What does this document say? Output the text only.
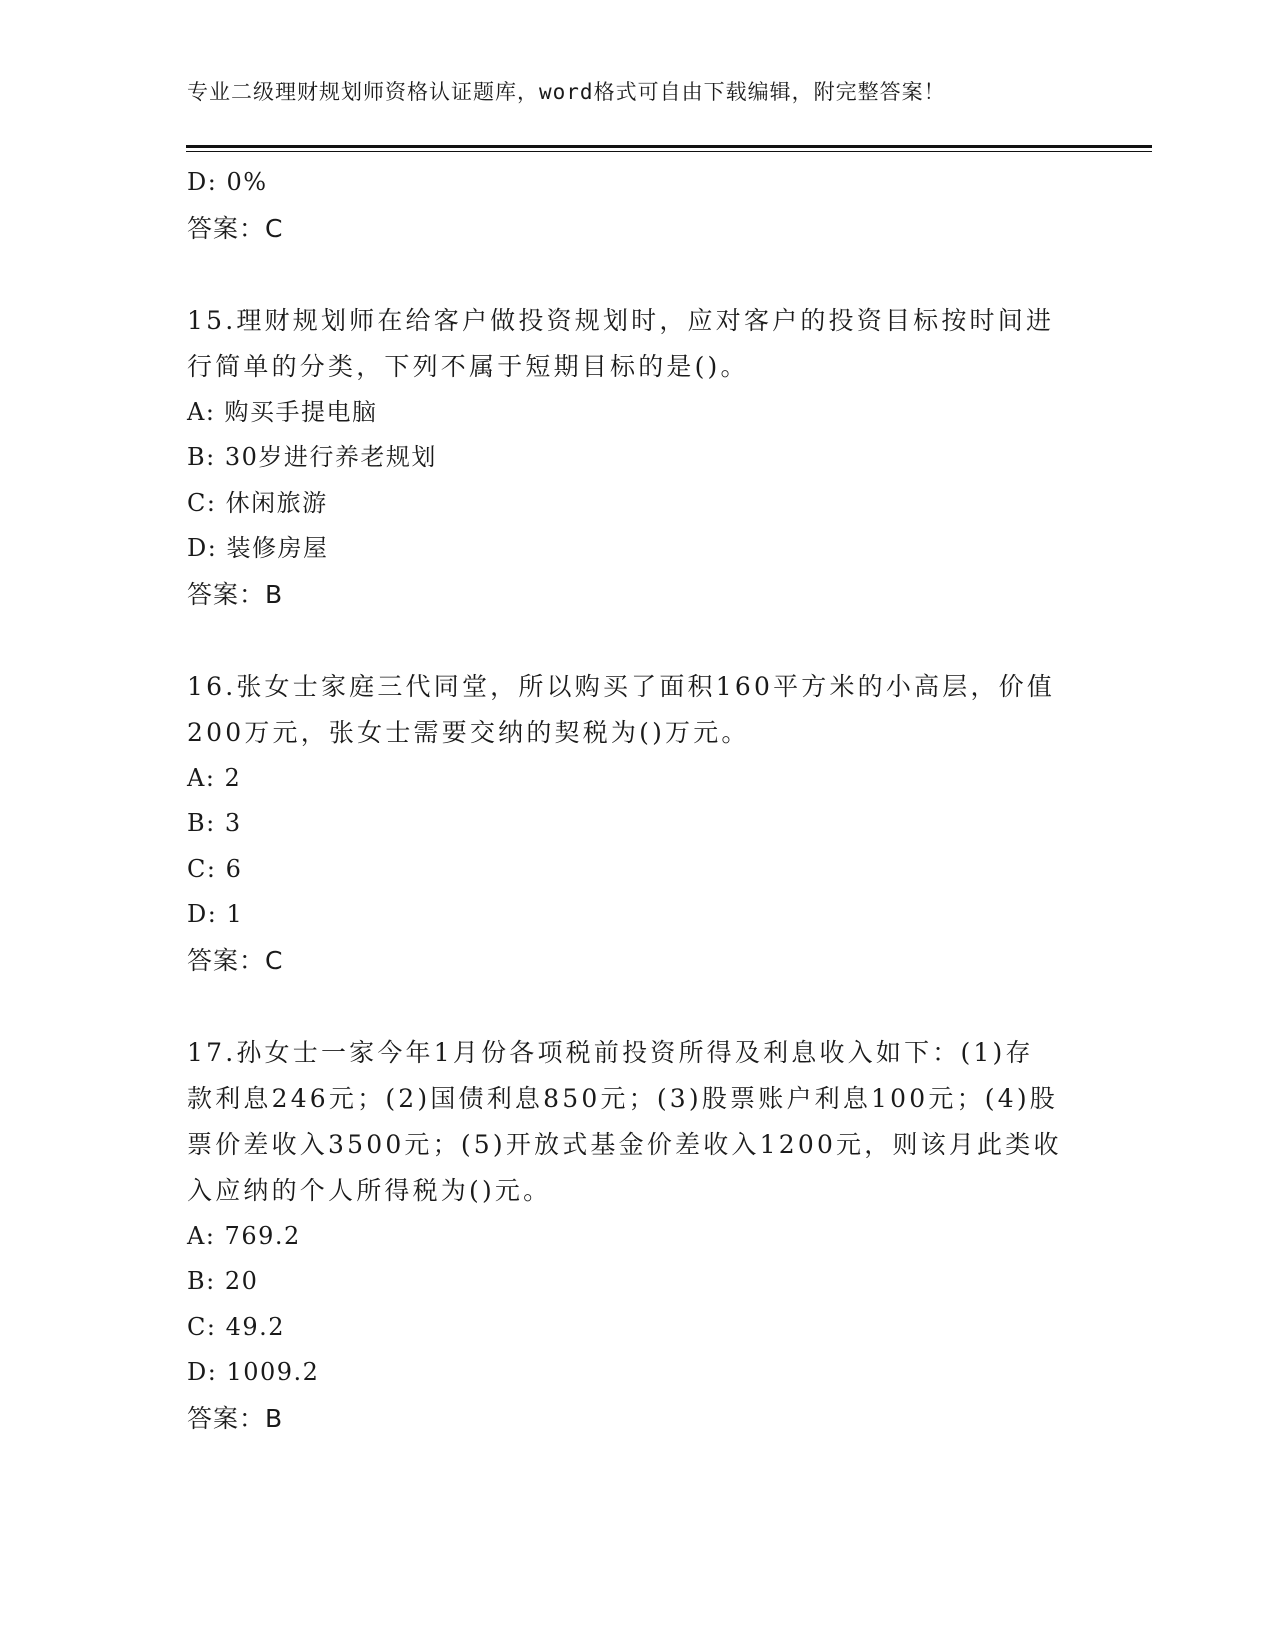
专业二级理财规划师资格认证题库，word格式可自由下载编辑，附完整答案！
D: 0%
答案：C
15.理财规划师在给客户做投资规划时，应对客户的投资目标按时间进
行简单的分类，下列不属于短期目标的是()。
A: 购买手提电脑
B: 30岁进行养老规划
C: 休闲旅游
D: 装修房屋
答案：B
16.张女士家庭三代同堂，所以购买了面积160平方米的小高层，价值
200万元，张女士需要交纳的契税为()万元。
A: 2
B: 3
C: 6
D: 1
答案：C
17.孙女士一家今年1月份各项税前投资所得及利息收入如下：(1)存
款利息246元；(2)国债利息850元；(3)股票账户利息100元；(4)股
票价差收入3500元；(5)开放式基金价差收入1200元，则该月此类收
入应纳的个人所得税为()元。
A: 769.2
B: 20
C: 49.2
D: 1009.2
答案：B
